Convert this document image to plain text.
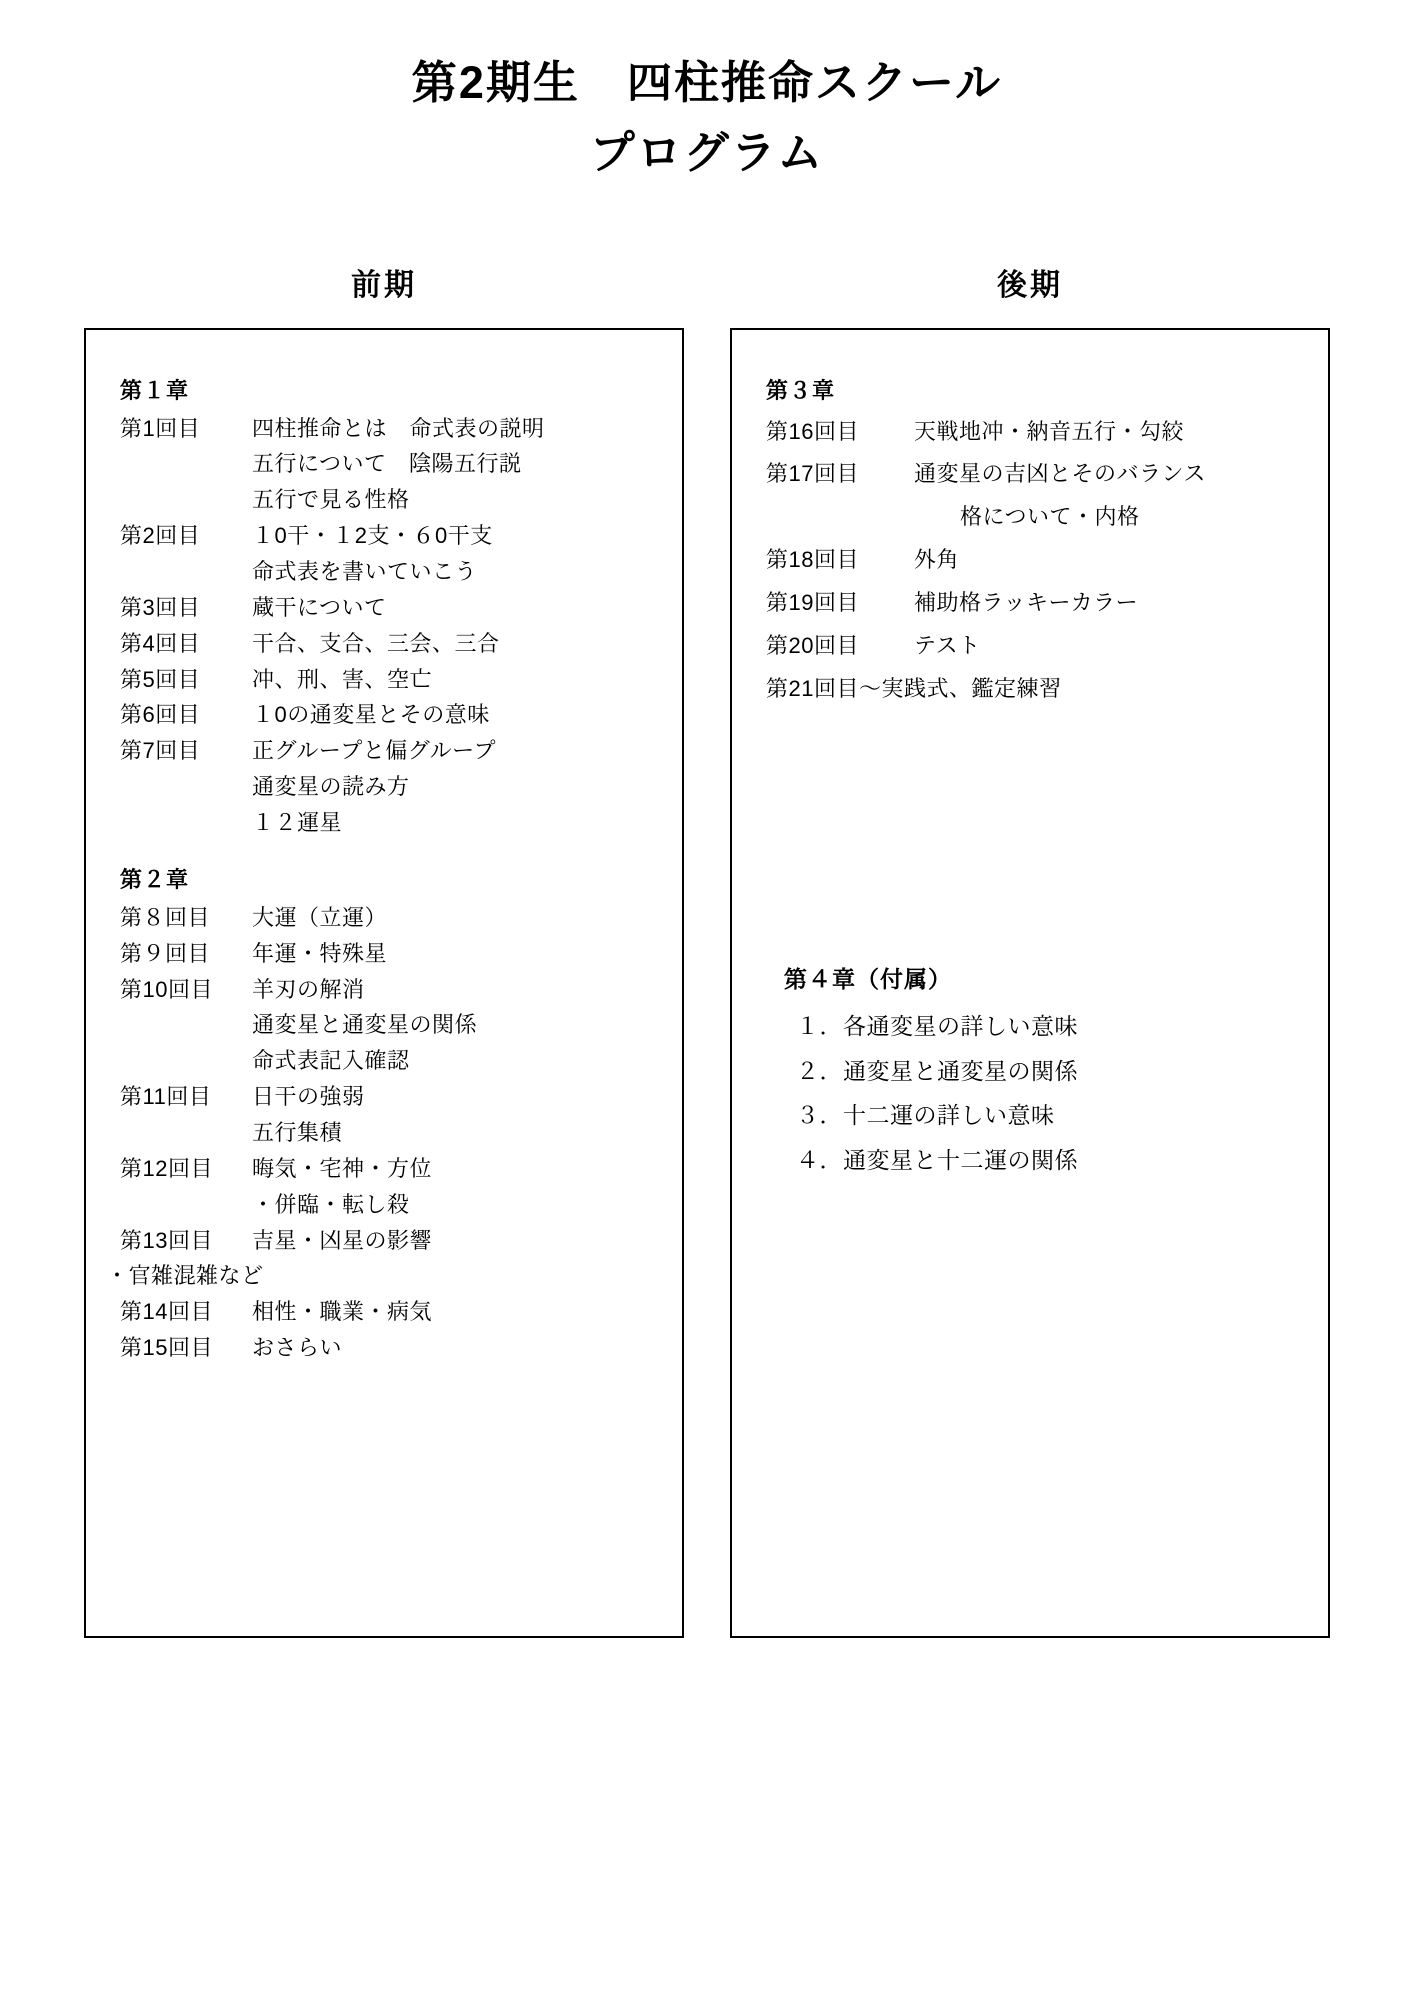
第2期生　四柱推命スクール
プログラム
前期
第１章
第1回目	四柱推命とは　命式表の説明
五行について　陰陽五行説
五行で見る性格
第2回目	１0干・１2支・６0干支
命式表を書いていこう
第3回目	蔵干について
第4回目	干合、支合、三会、三合
第5回目	冲、刑、害、空亡
第6回目	１0の通変星とその意味
第7回目	正グループと偏グループ
通変星の読み方
１２運星
第２章
第８回目	大運（立運）
第９回目	年運・特殊星
第10回目	羊刃の解消
通変星と通変星の関係
命式表記入確認
第11回目	日干の強弱
五行集積
第12回目	晦気・宅神・方位
・併臨・転し殺
第13回目	吉星・凶星の影響
・官雑混雑など
第14回目	相性・職業・病気
第15回目	おさらい
後期
第３章
第16回目	天戦地冲・納音五行・勾絞
第17回目	通変星の吉凶とそのバランス
格について・内格
第18回目	外角
第19回目	補助格ラッキーカラー
第20回目	テスト
第21回目～実践式、鑑定練習
第４章（付属）
１．各通変星の詳しい意味
２．通変星と通変星の関係
３．十二運の詳しい意味
４．通変星と十二運の関係
